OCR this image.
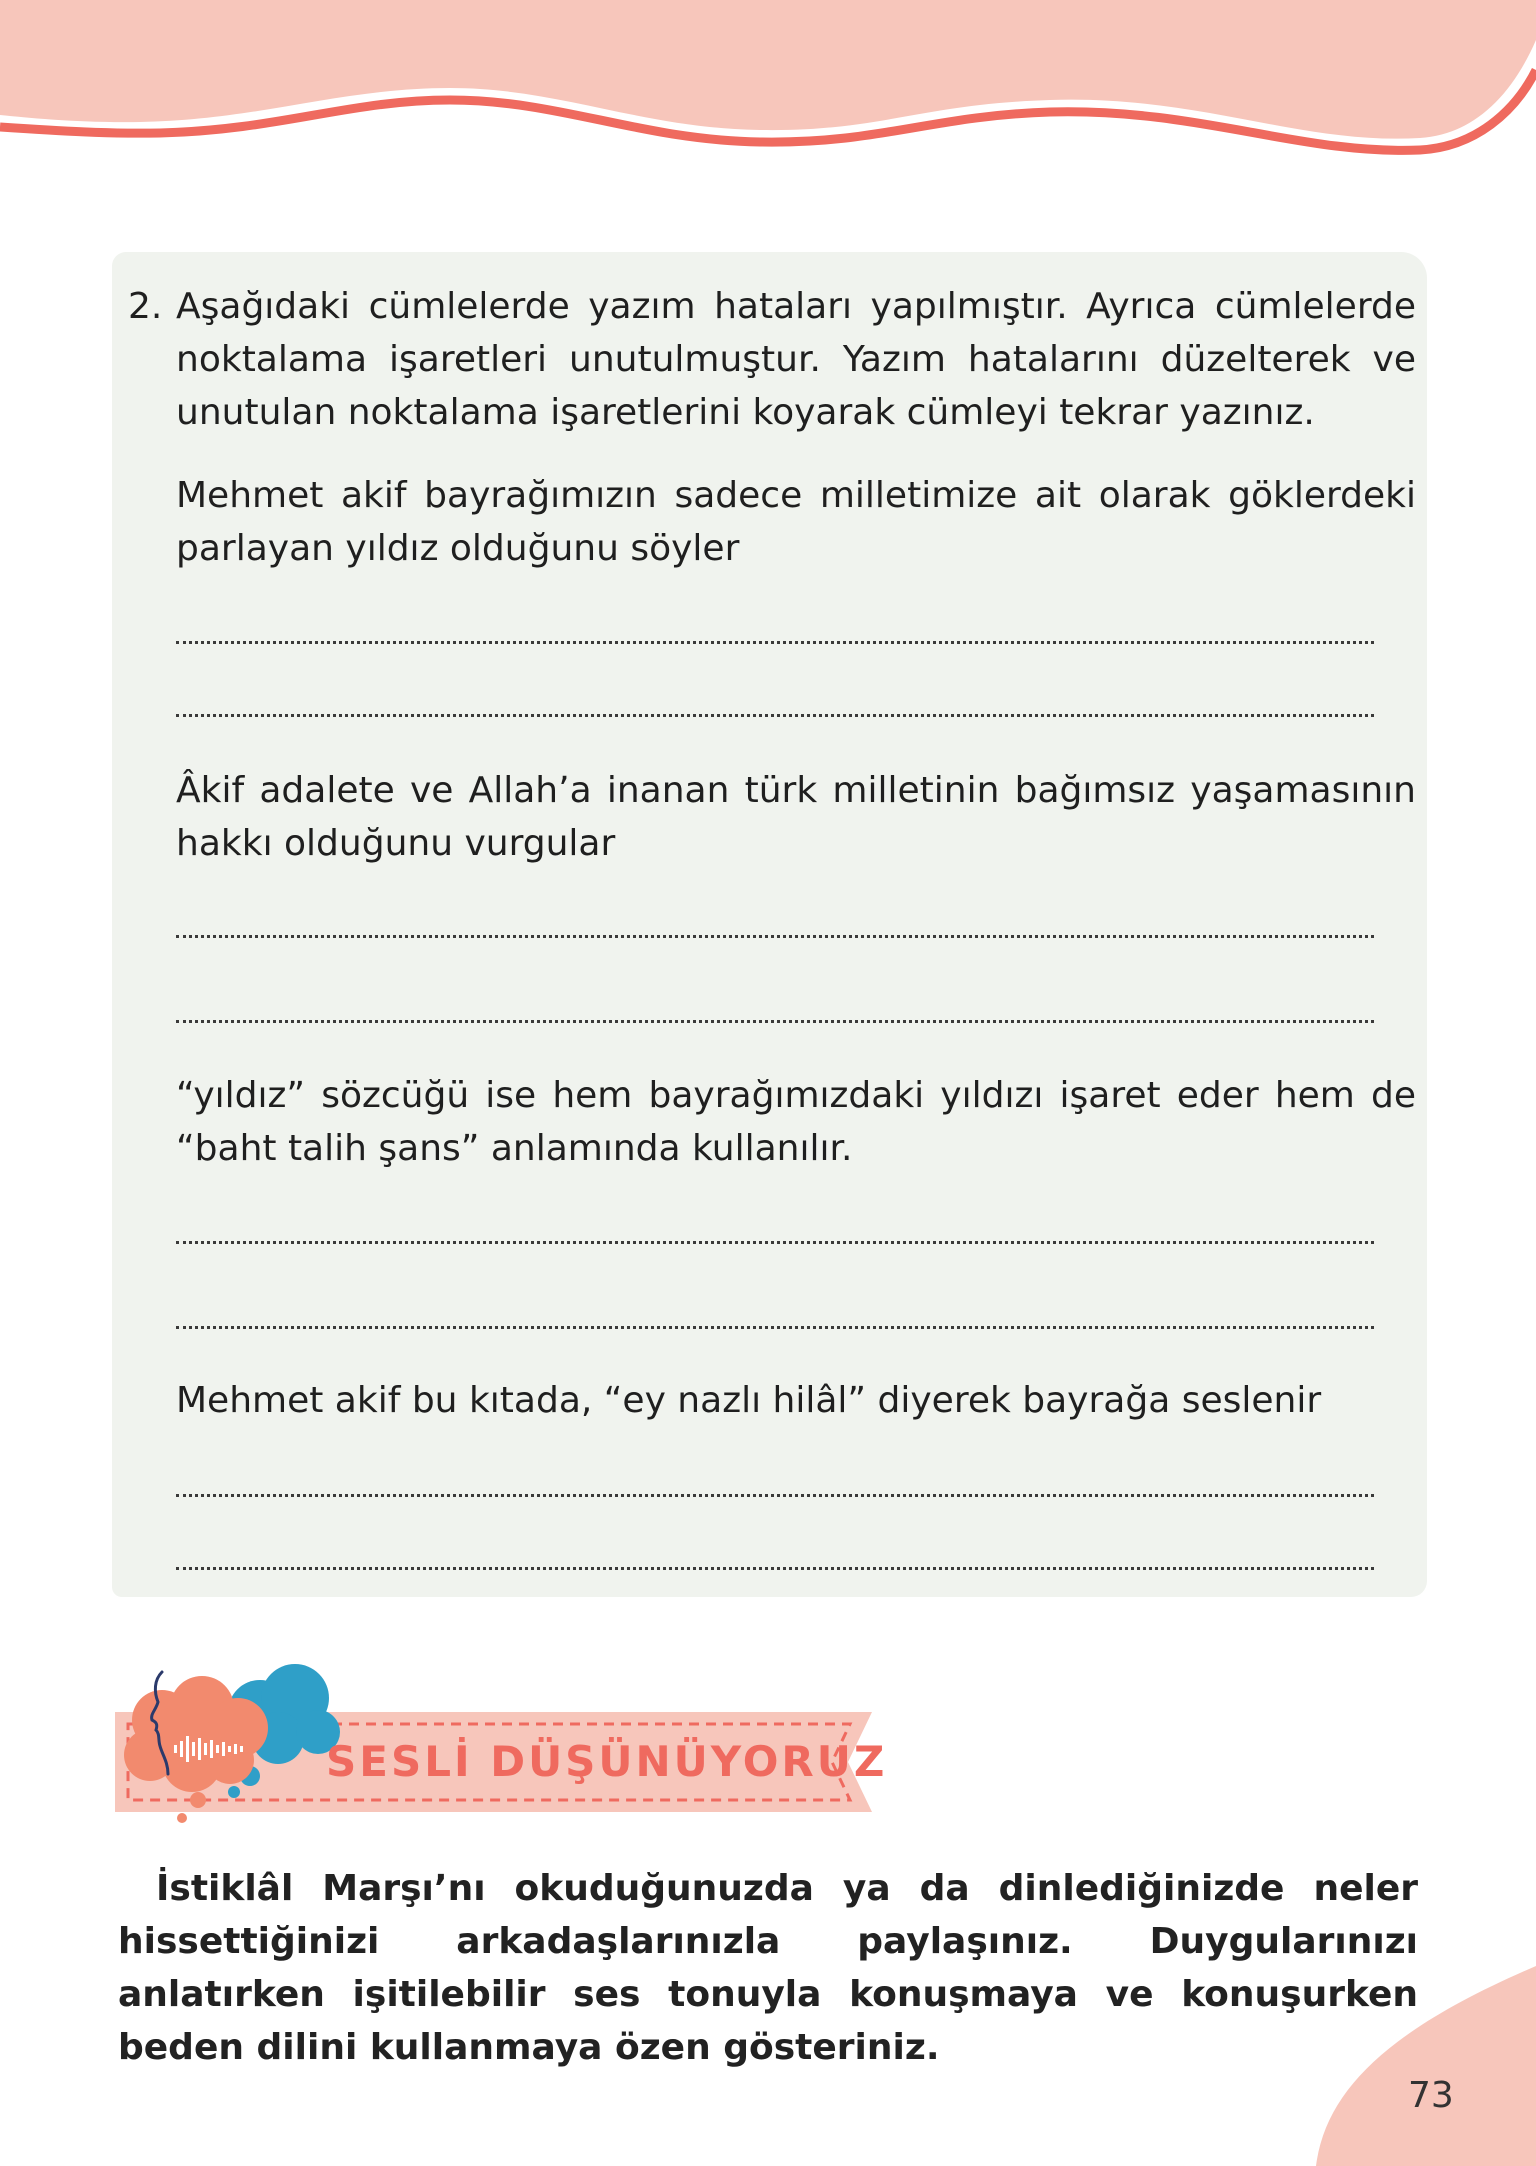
2. Aşağıdaki cümlelerde yazım hataları yapılmıştır. Ayrıca cümlelerde noktalama işaretleri unutulmuştur. Yazım hatalarını düzelterek ve unutulan noktalama işaretlerini koyarak cümleyi tekrar yazınız.

Mehmet akif bayrağımızın sadece milletimize ait olarak göklerdeki parlayan yıldız olduğunu söyler

Âkif adalete ve Allah’a inanan türk milletinin bağımsız yaşamasının hakkı olduğunu vurgular

“yıldız” sözcüğü ise hem bayrağımızdaki yıldızı işaret eder hem de “baht talih şans” anlamında kullanılır.

Mehmet akif bu kıtada, “ey nazlı hilâl” diyerek bayrağa seslenir

SESLİ DÜŞÜNÜYORUZ

İstiklâl Marşı’nı okuduğunuzda ya da dinlediğinizde neler hissettiğinizi arkadaşlarınızla paylaşınız. Duygularınızı anlatırken işitilebilir ses tonuyla konuşmaya ve konuşurken beden dilini kullanmaya özen gösteriniz.

73
